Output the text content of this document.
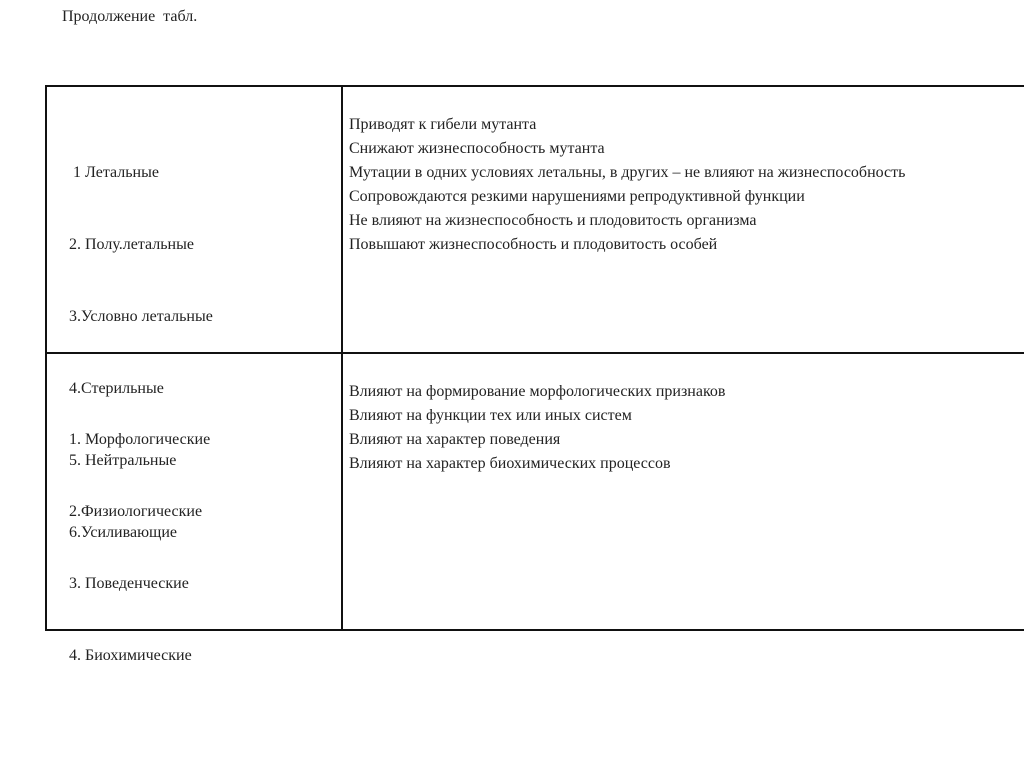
Продолжение  табл.

1 Летальные

2. Полу.летальные

3.Условно летальные

4.Стерильные

5. Нейтральные

6.Усиливающие

Приводят к гибели мутанта
Снижают жизнеспособность мутанта
Мутации в одних условиях летальны, в других – не влияют на жизнеспособность
Сопровождаются резкими нарушениями репродуктивной функции
Не влияют на жизнеспособность и плодовитость организма
Повышают жизнеспособность и плодовитость особей

1. Морфологические

2.Физиологические

3. Поведенческие

4. Биохимические

Влияют на формирование морфологических признаков
Влияют на функции тех или иных систем
Влияют на характер поведения
Влияют на характер биохимических процессов
